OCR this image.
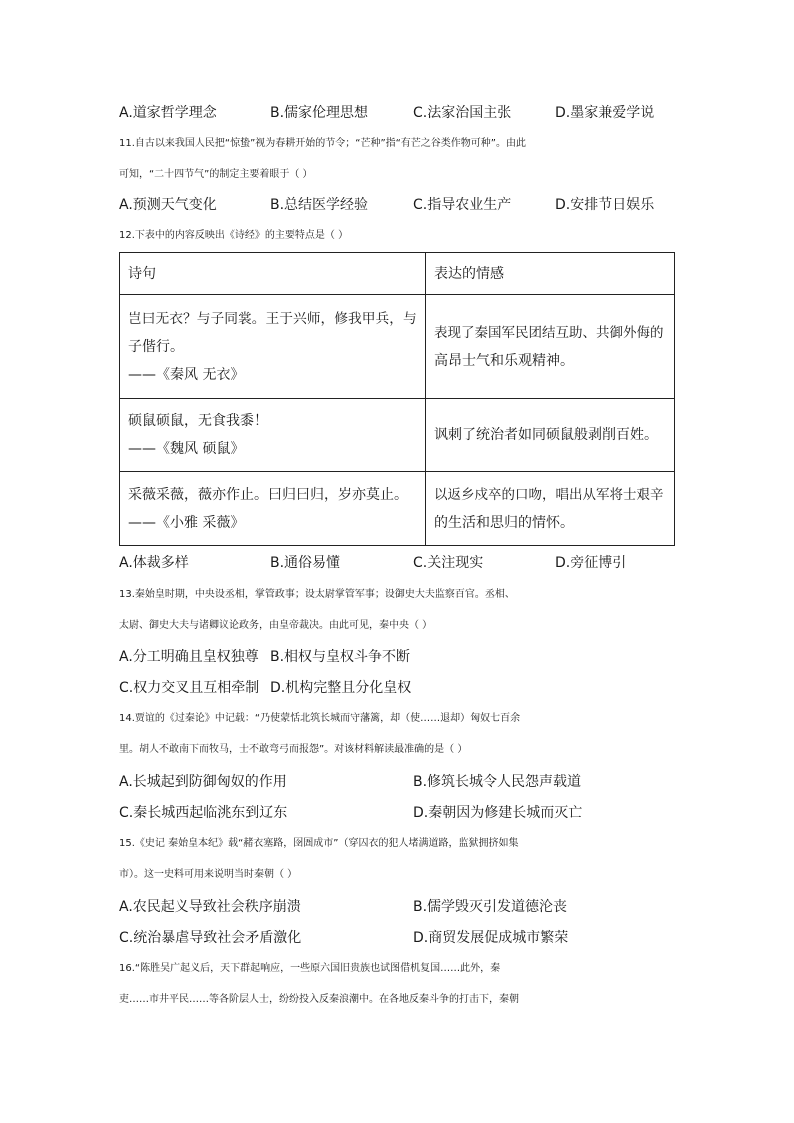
A.道家哲学理念	B.儒家伦理思想	C.法家治国主张	D.墨家兼爱学说
11.自古以来我国人民把“惊蛰”视为春耕开始的节令；“芒种”指“有芒之谷类作物可种”。由此
可知，“二十四节气”的制定主要着眼于（ ）
A.预测天气变化	B.总结医学经验	C.指导农业生产	D.安排节日娱乐
12.下表中的内容反映出《诗经》的主要特点是（ ）
诗句	表达的情感

岂曰无衣？与子同裳。王于兴师，修我甲兵，与
子偕行。
——《秦风 无衣》	表现了秦国军民团结互助、共御外侮的
高昂士气和乐观精神。

硕鼠硕鼠，无食我黍！
——《魏风 硕鼠》	讽刺了统治者如同硕鼠般剥削百姓。

采薇采薇，薇亦作止。曰归曰归，岁亦莫止。
——《小雅 采薇》	以返乡戍卒的口吻，唱出从军将士艰辛
的生活和思归的情怀。
A.体裁多样	B.通俗易懂	C.关注现实	D.旁征博引
13.秦始皇时期，中央设丞相，掌管政事；设太尉掌管军事；设御史大夫监察百官。丞相、
太尉、御史大夫与诸卿议论政务，由皇帝裁决。由此可见，秦中央（ ）
A.分工明确且皇权独尊 B.相权与皇权斗争不断
C.权力交叉且互相牵制 D.机构完整且分化皇权
14.贾谊的《过秦论》中记载：“乃使蒙恬北筑长城而守藩篱，却（使……退却）匈奴七百余
里。胡人不敢南下而牧马，士不敢弯弓而报怨”。对该材料解读最准确的是（ ）
A.长城起到防御匈奴的作用	B.修筑长城令人民怨声载道
C.秦长城西起临洮东到辽东	D.秦朝因为修建长城而灭亡
15.《史记 秦始皇本纪》载“赭衣塞路，囹圄成市”（穿囚衣的犯人堵满道路，监狱拥挤如集
市）。这一史料可用来说明当时秦朝（ ）
A.农民起义导致社会秩序崩溃	B.儒学毁灭引发道德沦丧
C.统治暴虐导致社会矛盾激化	D.商贸发展促成城市繁荣
16.“陈胜吴广起义后，天下群起响应，一些原六国旧贵族也试图借机复国……此外，秦
吏……市井平民……等各阶层人士，纷纷投入反秦浪潮中。在各地反秦斗争的打击下，秦朝
